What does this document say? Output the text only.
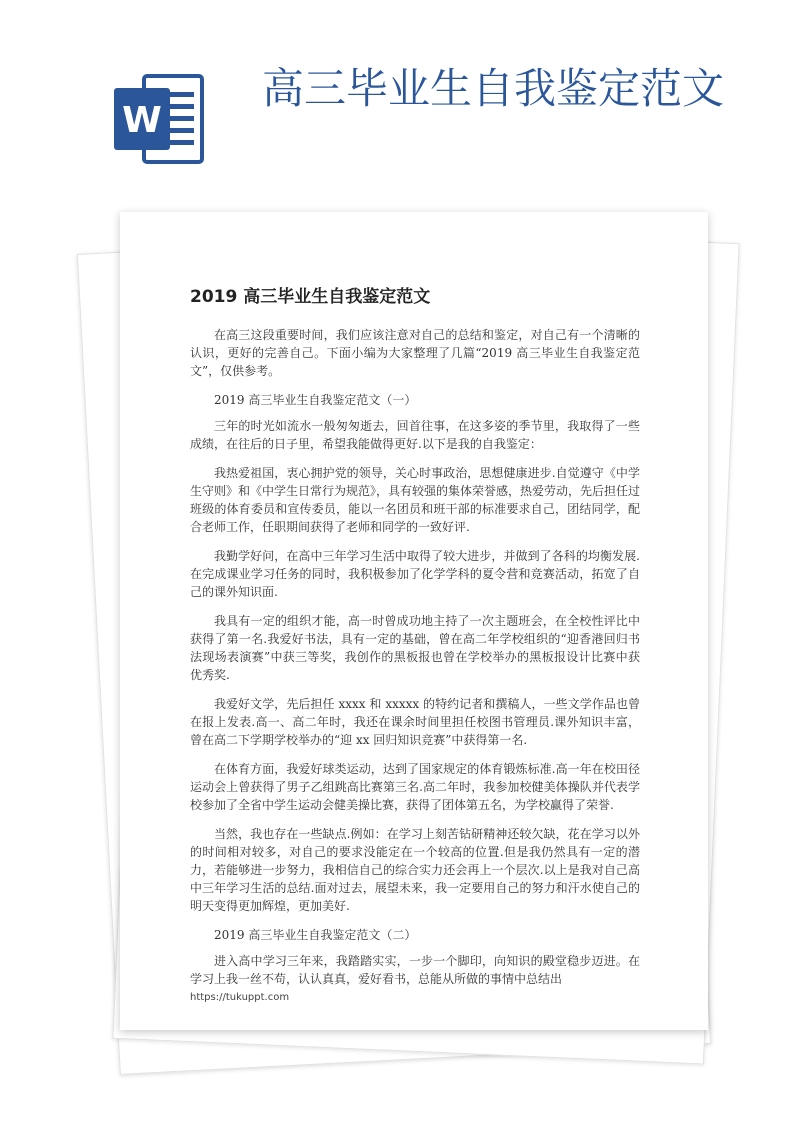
W
高三毕业生自我鉴定范文
2019 高三毕业生自我鉴定范文

在高三这段重要时间，我们应该注意对自己的总结和鉴定，对自己有一个清晰的认识，更好的完善自己。下面小编为大家整理了几篇“2019 高三毕业生自我鉴定范文”，仅供参考。

2019 高三毕业生自我鉴定范文（一）

三年的时光如流水一般匆匆逝去，回首往事，在这多姿的季节里，我取得了一些成绩，在往后的日子里，希望我能做得更好.以下是我的自我鉴定：

我热爱祖国，衷心拥护党的领导，关心时事政治，思想健康进步.自觉遵守《中学生守则》和《中学生日常行为规范》，具有较强的集体荣誉感，热爱劳动，先后担任过班级的体育委员和宣传委员，能以一名团员和班干部的标准要求自己，团结同学，配合老师工作，任职期间获得了老师和同学的一致好评.

我勤学好问，在高中三年学习生活中取得了较大进步，并做到了各科的均衡发展.在完成课业学习任务的同时，我积极参加了化学学科的夏令营和竞赛活动，拓宽了自己的课外知识面.

我具有一定的组织才能，高一时曾成功地主持了一次主题班会，在全校性评比中获得了第一名.我爱好书法，具有一定的基础，曾在高二年学校组织的“迎香港回归书法现场表演赛”中获三等奖，我创作的黑板报也曾在学校举办的黑板报设计比赛中获优秀奖.

我爱好文学，先后担任 xxxx 和 xxxxx 的特约记者和撰稿人，一些文学作品也曾在报上发表.高一、高二年时，我还在课余时间里担任校图书管理员.课外知识丰富，曾在高二下学期学校举办的“迎 xx 回归知识竞赛”中获得第一名.

在体育方面，我爱好球类运动，达到了国家规定的体育锻炼标准.高一年在校田径运动会上曾获得了男子乙组跳高比赛第三名.高二年时，我参加校健美体操队并代表学校参加了全省中学生运动会健美操比赛，获得了团体第五名，为学校赢得了荣誉.

当然，我也存在一些缺点.例如：在学习上刻苦钻研精神还较欠缺，花在学习以外的时间相对较多，对自己的要求没能定在一个较高的位置.但是我仍然具有一定的潜力，若能够进一步努力，我相信自己的综合实力还会再上一个层次.以上是我对自己高中三年学习生活的总结.面对过去，展望未来，我一定要用自己的努力和汗水使自己的明天变得更加辉煌，更加美好.

2019 高三毕业生自我鉴定范文（二）

进入高中学习三年来，我踏踏实实，一步一个脚印，向知识的殿堂稳步迈进。在学习上我一丝不苟，认认真真，爱好看书，总能从所做的事情中总结出

https://tukuppt.com
